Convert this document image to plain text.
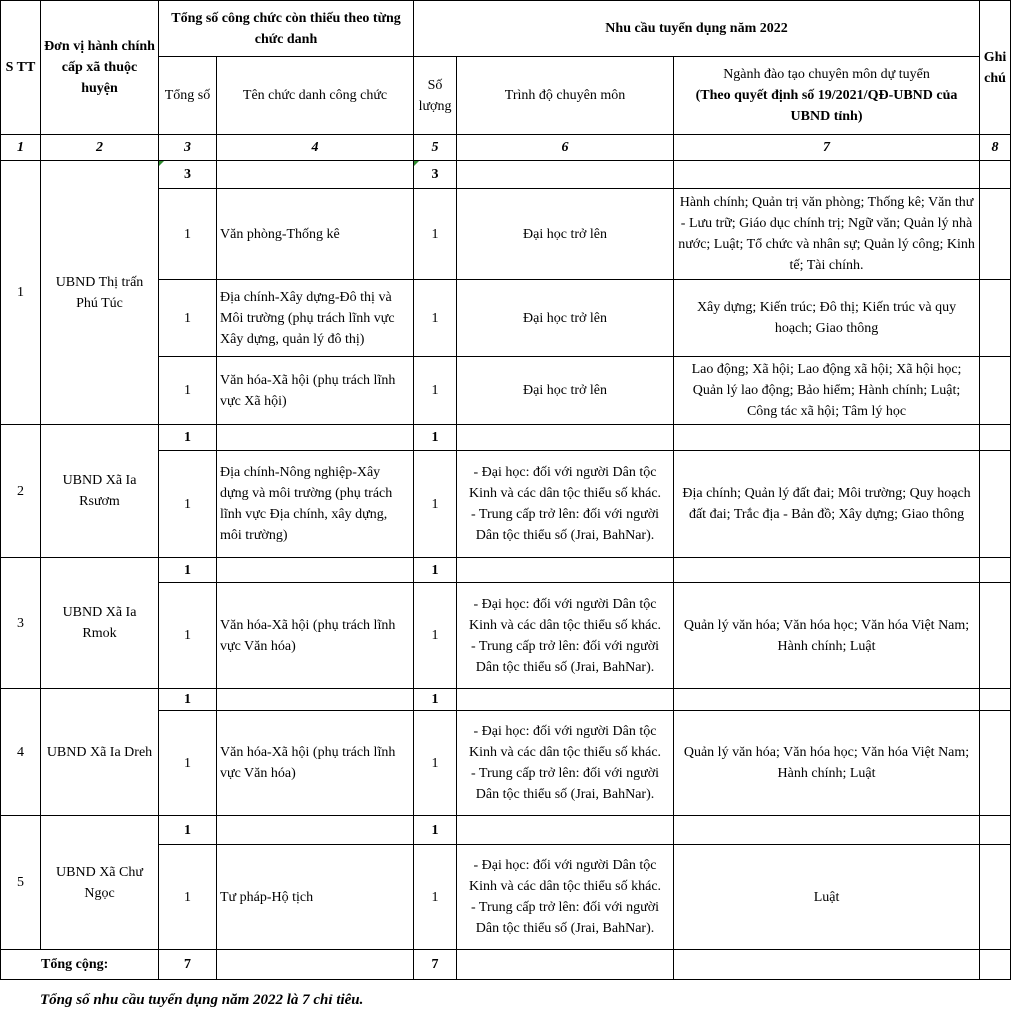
S TT	Đơn vị hành chính cấp xã thuộc huyện	Tổng số công chức còn thiếu theo từng chức danh		Nhu cầu tuyển dụng năm 2022			Ghi chú
		Tổng số	Tên chức danh công chức	Số lượng	Trình độ chuyên môn	Ngành đào tạo chuyên môn dự tuyển
(Theo quyết định số 19/2021/QĐ-UBND của UBND tỉnh)	

1	2	3	4	5	6	7	8
1	UBND Thị trấn Phú Túc	3		3			
		1	Văn phòng-Thống kê	1	Đại học trở lên	Hành chính; Quản trị văn phòng; Thống kê; Văn thư - Lưu trữ; Giáo dục chính trị; Ngữ văn; Quản lý nhà nước; Luật; Tổ chức và nhân sự; Quản lý công; Kinh tế; Tài chính.	
		1	Địa chính-Xây dựng-Đô thị và Môi trường (phụ trách lĩnh vực Xây dựng, quản lý đô thị)	1	Đại học trở lên	Xây dựng; Kiến trúc; Đô thị; Kiến trúc và quy hoạch; Giao thông	
		1	Văn hóa-Xã hội (phụ trách lĩnh vực Xã hội)	1	Đại học trở lên	Lao động; Xã hội; Lao động xã hội; Xã hội học; Quản lý lao động; Bảo hiểm; Hành chính; Luật; Công tác xã hội; Tâm lý học	
2	UBND Xã Ia Rsươm	1		1			
		1	Địa chính-Nông nghiệp-Xây dựng và môi trường (phụ trách lĩnh vực Địa chính, xây dựng, môi trường)	1	- Đại học: đối với người Dân tộc Kinh và các dân tộc thiểu số khác.
- Trung cấp trở lên: đối với người Dân tộc thiểu số (Jrai, BahNar).	Địa chính; Quản lý đất đai; Môi trường; Quy hoạch đất đai; Trắc địa - Bản đồ; Xây dựng; Giao thông	
3	UBND Xã Ia Rmok	1		1			
		1	Văn hóa-Xã hội (phụ trách lĩnh vực Văn hóa)	1	- Đại học: đối với người Dân tộc Kinh và các dân tộc thiểu số khác.
- Trung cấp trở lên: đối với người Dân tộc thiểu số (Jrai, BahNar).	Quản lý văn hóa; Văn hóa học; Văn hóa Việt Nam; Hành chính; Luật	
4	UBND Xã Ia Dreh	1		1			
		1	Văn hóa-Xã hội (phụ trách lĩnh vực Văn hóa)	1	- Đại học: đối với người Dân tộc Kinh và các dân tộc thiểu số khác.
- Trung cấp trở lên: đối với người Dân tộc thiểu số (Jrai, BahNar).	Quản lý văn hóa; Văn hóa học; Văn hóa Việt Nam; Hành chính; Luật	
5	UBND Xã Chư Ngọc	1		1			
		1	Tư pháp-Hộ tịch	1	- Đại học: đối với người Dân tộc Kinh và các dân tộc thiểu số khác.
- Trung cấp trở lên: đối với người Dân tộc thiểu số (Jrai, BahNar).	Luật	
Tổng cộng:		7		7			
Tổng số nhu cầu tuyển dụng năm 2022 là 7 chỉ tiêu.
